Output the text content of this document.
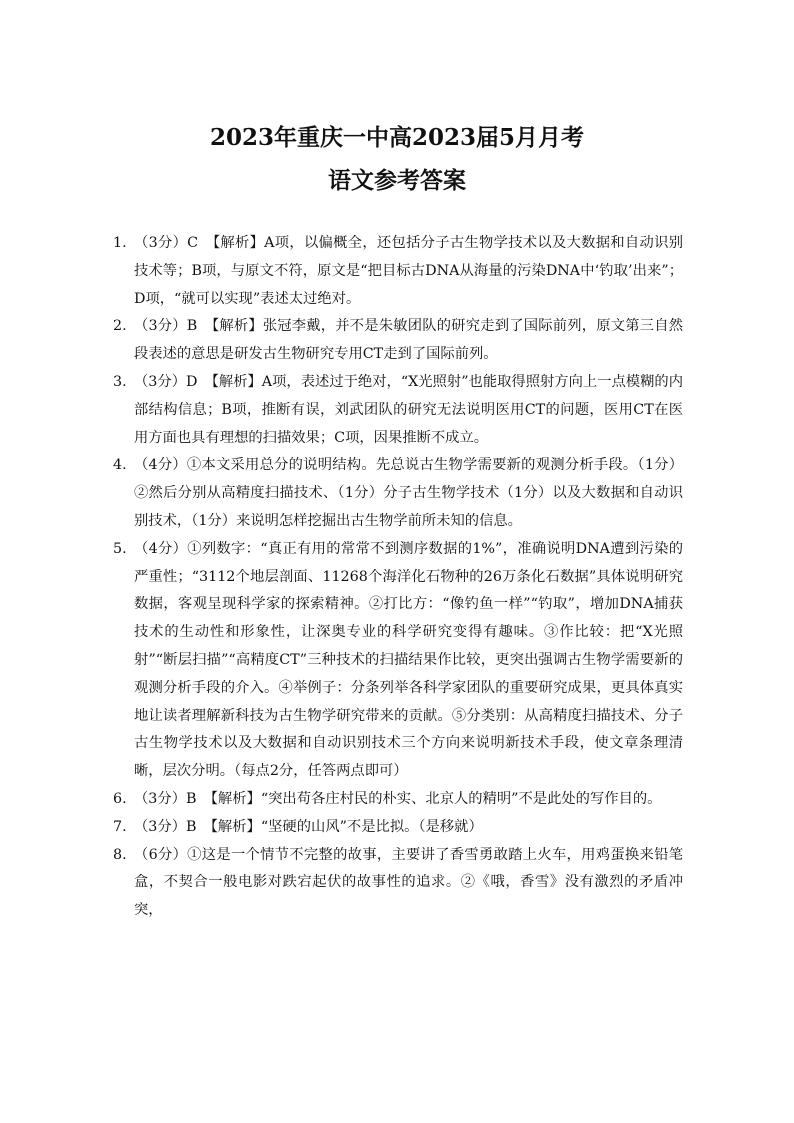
2023年重庆一中高2023届5月月考
语文参考答案
1. （3分）C　【解析】A项，以偏概全，还包括分子古生物学技术以及大数据和自动识别技术等；B项，与原文不符，原文是“把目标古DNA从海量的污染DNA中‘钓取’出来”；D项，“就可以实现”表述太过绝对。
2. （3分）B　【解析】张冠李戴，并不是朱敏团队的研究走到了国际前列，原文第三自然段表述的意思是研发古生物研究专用CT走到了国际前列。
3. （3分）D　【解析】A项，表述过于绝对，“X光照射”也能取得照射方向上一点模糊的内部结构信息；B项，推断有误，刘武团队的研究无法说明医用CT的问题，医用CT在医用方面也具有理想的扫描效果；C项，因果推断不成立。
4. （4分）①本文采用总分的说明结构。先总说古生物学需要新的观测分析手段。（1分）②然后分别从高精度扫描技术、（1分）分子古生物学技术（1分）以及大数据和自动识别技术，（1分）来说明怎样挖掘出古生物学前所未知的信息。
5. （4分）①列数字：“真正有用的常常不到测序数据的1%”，准确说明DNA遭到污染的严重性；“3112个地层剖面、11268个海洋化石物种的26万条化石数据”具体说明研究数据，客观呈现科学家的探索精神。②打比方：“像钓鱼一样”“钓取”，增加DNA捕获技术的生动性和形象性，让深奥专业的科学研究变得有趣味。③作比较：把“X光照射”“断层扫描”“高精度CT”三种技术的扫描结果作比较，更突出强调古生物学需要新的观测分析手段的介入。④举例子：分条列举各科学家团队的重要研究成果，更具体真实地让读者理解新科技为古生物学研究带来的贡献。⑤分类别：从高精度扫描技术、分子古生物学技术以及大数据和自动识别技术三个方向来说明新技术手段，使文章条理清晰，层次分明。（每点2分，任答两点即可）
6. （3分）B　【解析】“突出苟各庄村民的朴实、北京人的精明”不是此处的写作目的。
7. （3分）B　【解析】“坚硬的山风”不是比拟。（是移就）
8. （6分）①这是一个情节不完整的故事，主要讲了香雪勇敢踏上火车，用鸡蛋换来铅笔盒，不契合一般电影对跌宕起伏的故事性的追求。②《哦，香雪》没有激烈的矛盾冲突，
